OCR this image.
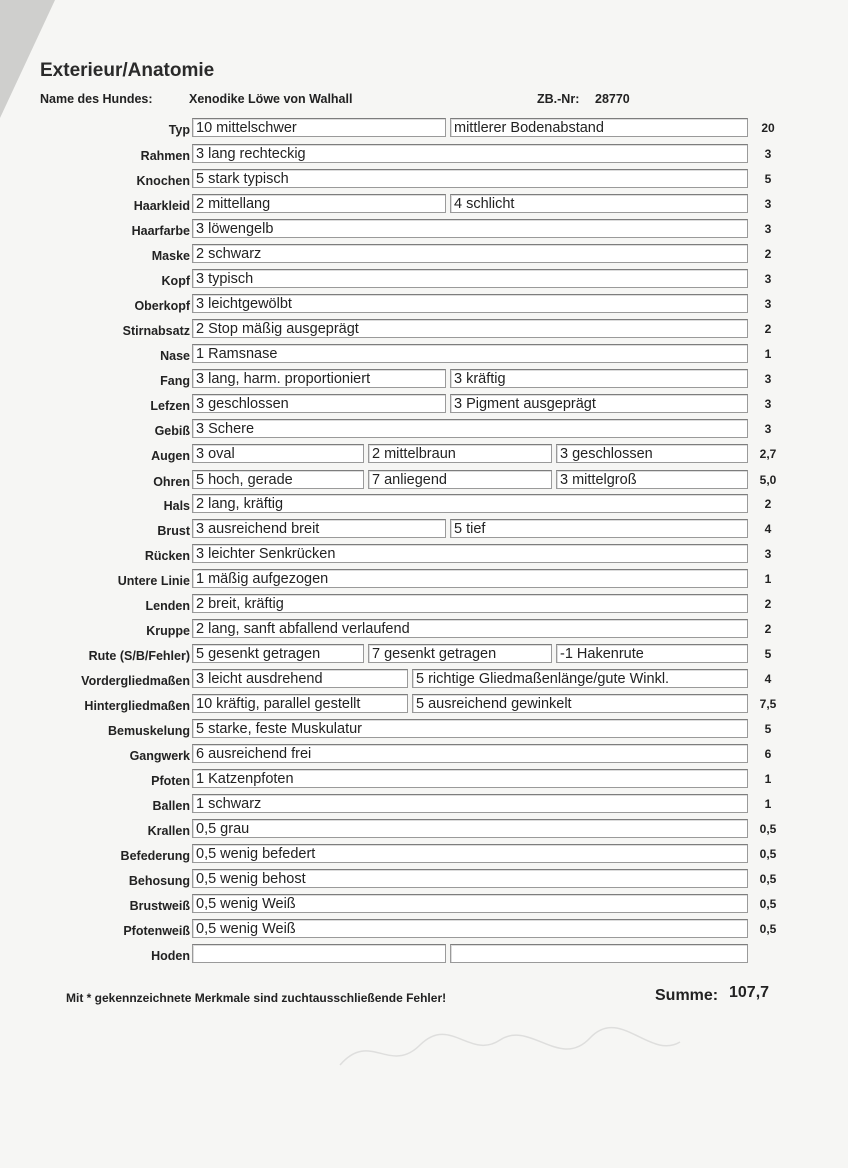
Exterieur/Anatomie
Name des Hundes:	Xenodike Löwe von Walhall	ZB.-Nr: 28770
Typ 10 mittelschwer	mittlerer Bodenabstand	20
Rahmen 3 lang rechteckig	3
Knochen 5 stark typisch	5
Haarkleid 2 mittellang	4 schlicht	3
Haarfarbe 3 löwengelb	3
Maske 2 schwarz	2
Kopf 3 typisch	3
Oberkopf 3 leichtgewölbt	3
Stirnabsatz 2 Stop mäßig ausgeprägt	2
Nase 1 Ramsnase	1
Fang 3 lang, harm. proportioniert	3 kräftig	3
Lefzen 3 geschlossen	3 Pigment ausgeprägt	3
Gebiß 3 Schere	3
Augen 3 oval	2 mittelbraun	3 geschlossen	2,7
Ohren 5 hoch, gerade	7 anliegend	3 mittelgroß	5,0
Hals 2 lang, kräftig	2
Brust 3 ausreichend breit	5 tief	4
Rücken 3 leichter Senkrücken	3
Untere Linie 1 mäßig aufgezogen	1
Lenden 2 breit, kräftig	2
Kruppe 2 lang, sanft abfallend verlaufend	2
Rute (S/B/Fehler) 5 gesenkt getragen	7 gesenkt getragen	-1 Hakenrute	5
Vordergliedmaßen 3 leicht ausdrehend	5 richtige Gliedmaßenlänge/gute Winkl.	4
Hintergliedmaßen 10 kräftig, parallel gestellt	5 ausreichend gewinkelt	7,5
Bemuskelung 5 starke, feste Muskulatur	5
Gangwerk 6 ausreichend frei	6
Pfoten 1 Katzenpfoten	1
Ballen 1 schwarz	1
Krallen 0,5 grau	0,5
Befederung 0,5 wenig befedert	0,5
Behosung 0,5 wenig behost	0,5
Brustweiß 0,5 wenig Weiß	0,5
Pfotenweiß 0,5 wenig Weiß	0,5
Hoden
Mit * gekennzeichnete Merkmale sind zuchtausschließende Fehler!	Summe: 107,7
